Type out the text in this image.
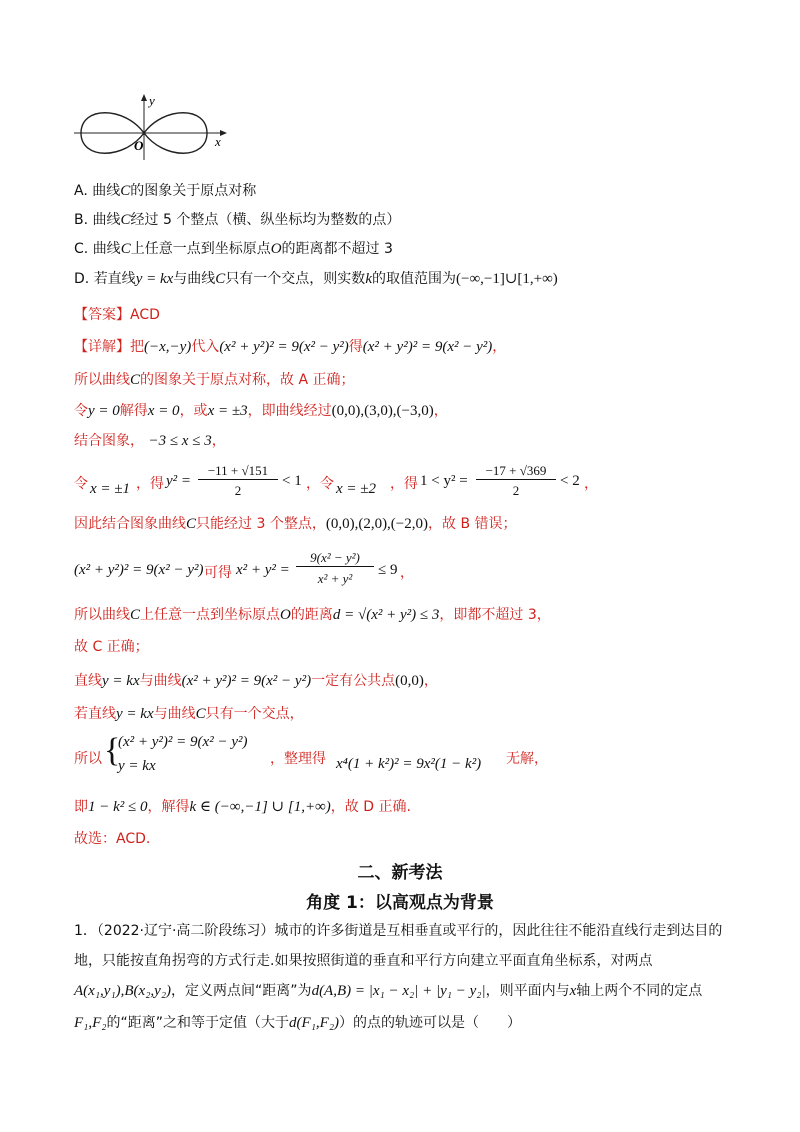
y
x
O
A. 曲线C的图象关于原点对称
B. 曲线C经过 5 个整点（横、纵坐标均为整数的点）
C. 曲线C上任意一点到坐标原点O的距离都不超过 3
D. 若直线y = kx与曲线C只有一个交点，则实数k的取值范围为(−∞,−1]∪[1,+∞)
【答案】ACD
【详解】把(−x,−y)代入(x² + y²)² = 9(x² − y²)得(x² + y²)² = 9(x² − y²)，
所以曲线C的图象关于原点对称，故 A 正确；
令y = 0解得x = 0，或x = ±3，即曲线经过(0,0),(3,0),(−3,0)，
结合图象， −3 ≤ x ≤ 3，
令 x = ±1 ，得 y² =
−11 + √151
2
< 1 ，令 x = ±2 ，得 1 < y² =
−17 + √369
2
< 2 ，
因此结合图象曲线C只能经过 3 个整点，(0,0),(2,0),(−2,0)，故 B 错误；
(x² + y²)² = 9(x² − y²) 可得 x² + y² =
9(x² − y²)
x² + y²
≤ 9 ，
所以曲线C上任意一点到坐标原点O的距离d = √(x² + y²) ≤ 3，即都不超过 3，
故 C 正确；
直线y = kx与曲线(x² + y²)² = 9(x² − y²)一定有公共点(0,0)，
若直线y = kx与曲线C只有一个交点，
所以 {
(x² + y²)² = 9(x² − y²)
y = kx	，整理得 x⁴(1 + k²)² = 9x²(1 − k²) 无解，
即1 − k² ≤ 0，解得k ∈ (−∞,−1] ∪ [1,+∞)，故 D 正确.
故选：ACD.
二、新考法
角度 1：以高观点为背景
1．（2022·辽宁·高二阶段练习）城市的许多街道是互相垂直或平行的，因此往往不能沿直线行走到达目的
地，只能按直角拐弯的方式行走.如果按照街道的垂直和平行方向建立平面直角坐标系，对两点
A(x₁,y₁),B(x₂,y₂)，定义两点间“距离”为d(A,B) = |x₁ − x₂| + |y₁ − y₂|，则平面内与x轴上两个不同的定点
F₁,F₂的“距离”之和等于定值（大于d(F₁,F₂)）的点的轨迹可以是（　　）
